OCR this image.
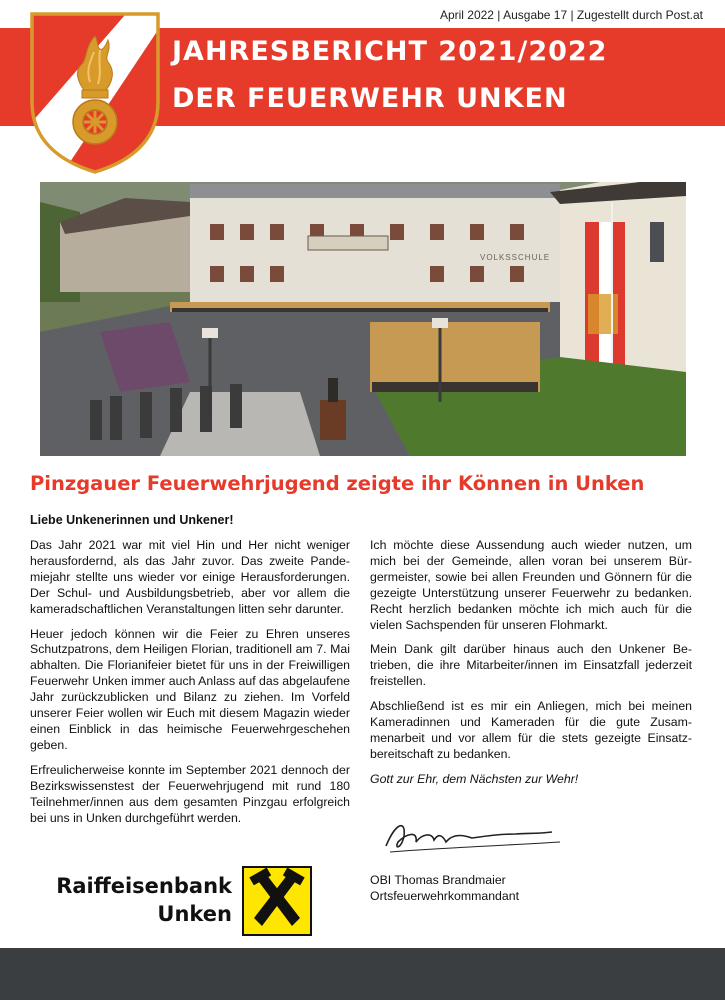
April 2022 | Ausgabe 17 | Zugestellt durch Post.at
JAHRESBERICHT 2021/2022
DER FEUERWEHR UNKEN
VOLKSSCHULE
Pinzgauer Feuerwehrjugend zeigte ihr Können in Unken
Liebe Unkenerinnen und Unkener!

Das Jahr 2021 war mit viel Hin und Her nicht weniger herausfordernd, als das Jahr zuvor. Das zweite Pandemiejahr stellte uns wieder vor einige Herausforderungen. Der Schul- und Ausbildungsbetrieb, aber vor allem die kameradschaftlichen Veranstaltungen litten sehr darunter.

Heuer jedoch können wir die Feier zu Ehren unseres Schutzpatrons, dem Heiligen Florian, traditionell am 7. Mai abhalten. Die Florianifeier bietet für uns in der Freiwilligen Feuerwehr Unken immer auch Anlass auf das abgelaufene Jahr zurückzublicken und Bilanz zu ziehen. Im Vorfeld unserer Feier wollen wir Euch mit diesem Magazin wieder einen Einblick in das heimische Feuerwehrgeschehen geben.

Erfreulicherweise konnte im September 2021 dennoch der Bezirkswissenstest der Feuerwehrjugend mit rund 180 Teilnehmer/innen aus dem gesamten Pinzgau erfolgreich bei uns in Unken durchgeführt werden.

Ich möchte diese Aussendung auch wieder nutzen, um mich bei der Gemeinde, allen voran bei unserem Bürgermeister, sowie bei allen Freunden und Gönnern für die gezeigte Unterstützung unserer Feuerwehr zu bedanken. Recht herzlich bedanken möchte ich mich auch für die vielen Sachspenden für unseren Flohmarkt.

Mein Dank gilt darüber hinaus auch den Unkener Betrieben, die ihre Mitarbeiter/innen im Einsatzfall jederzeit freistellen.

Abschließend ist es mir ein Anliegen, mich bei meinen Kameradinnen und Kameraden für die gute Zusammenarbeit und vor allem für die stets gezeigte Einsatzbereitschaft zu bedanken.

Gott zur Ehr, dem Nächsten zur Wehr!

OBI Thomas Brandmaier
Ortsfeuerwehrkommandant
Raiffeisenbank
Unken
